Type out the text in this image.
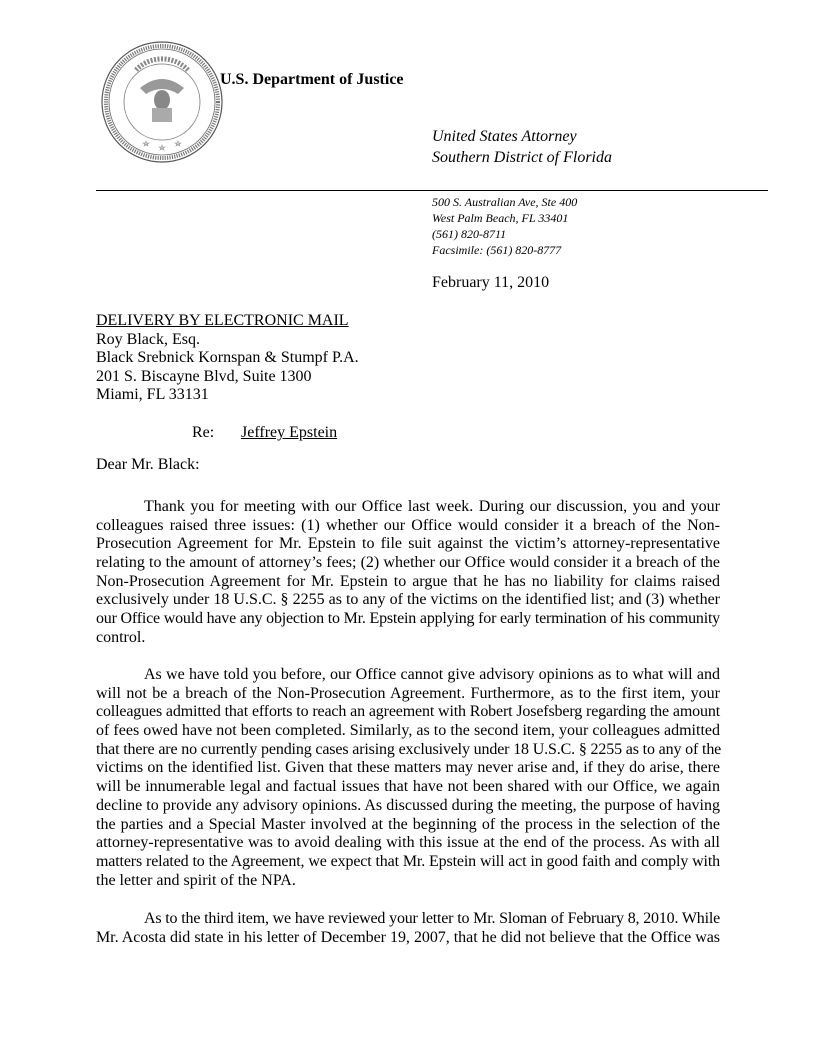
U.S. Department of Justice
United States Attorney
Southern District of Florida
500 S. Australian Ave, Ste 400
West Palm Beach, FL 33401
(561) 820-8711
Facsimile: (561) 820-8777
February 11, 2010
DELIVERY BY ELECTRONIC MAIL
Roy Black, Esq.
Black Srebnick Kornspan & Stumpf P.A.
201 S. Biscayne Blvd, Suite 1300
Miami, FL 33131
Re: Jeffrey Epstein
Dear Mr. Black:
Thank you for meeting with our Office last week. During our discussion, you and your
colleagues raised three issues: (1) whether our Office would consider it a breach of the Non-
Prosecution Agreement for Mr. Epstein to file suit against the victim’s attorney-representative
relating to the amount of attorney’s fees; (2) whether our Office would consider it a breach of the
Non-Prosecution Agreement for Mr. Epstein to argue that he has no liability for claims raised
exclusively under 18 U.S.C. § 2255 as to any of the victims on the identified list; and (3) whether
our Office would have any objection to Mr. Epstein applying for early termination of his community
control.
As we have told you before, our Office cannot give advisory opinions as to what will and
will not be a breach of the Non-Prosecution Agreement. Furthermore, as to the first item, your
colleagues admitted that efforts to reach an agreement with Robert Josefsberg regarding the amount
of fees owed have not been completed. Similarly, as to the second item, your colleagues admitted
that there are no currently pending cases arising exclusively under 18 U.S.C. § 2255 as to any of the
victims on the identified list. Given that these matters may never arise and, if they do arise, there
will be innumerable legal and factual issues that have not been shared with our Office, we again
decline to provide any advisory opinions. As discussed during the meeting, the purpose of having
the parties and a Special Master involved at the beginning of the process in the selection of the
attorney-representative was to avoid dealing with this issue at the end of the process. As with all
matters related to the Agreement, we expect that Mr. Epstein will act in good faith and comply with
the letter and spirit of the NPA.
As to the third item, we have reviewed your letter to Mr. Sloman of February 8, 2010. While
Mr. Acosta did state in his letter of December 19, 2007, that he did not believe that the Office was
